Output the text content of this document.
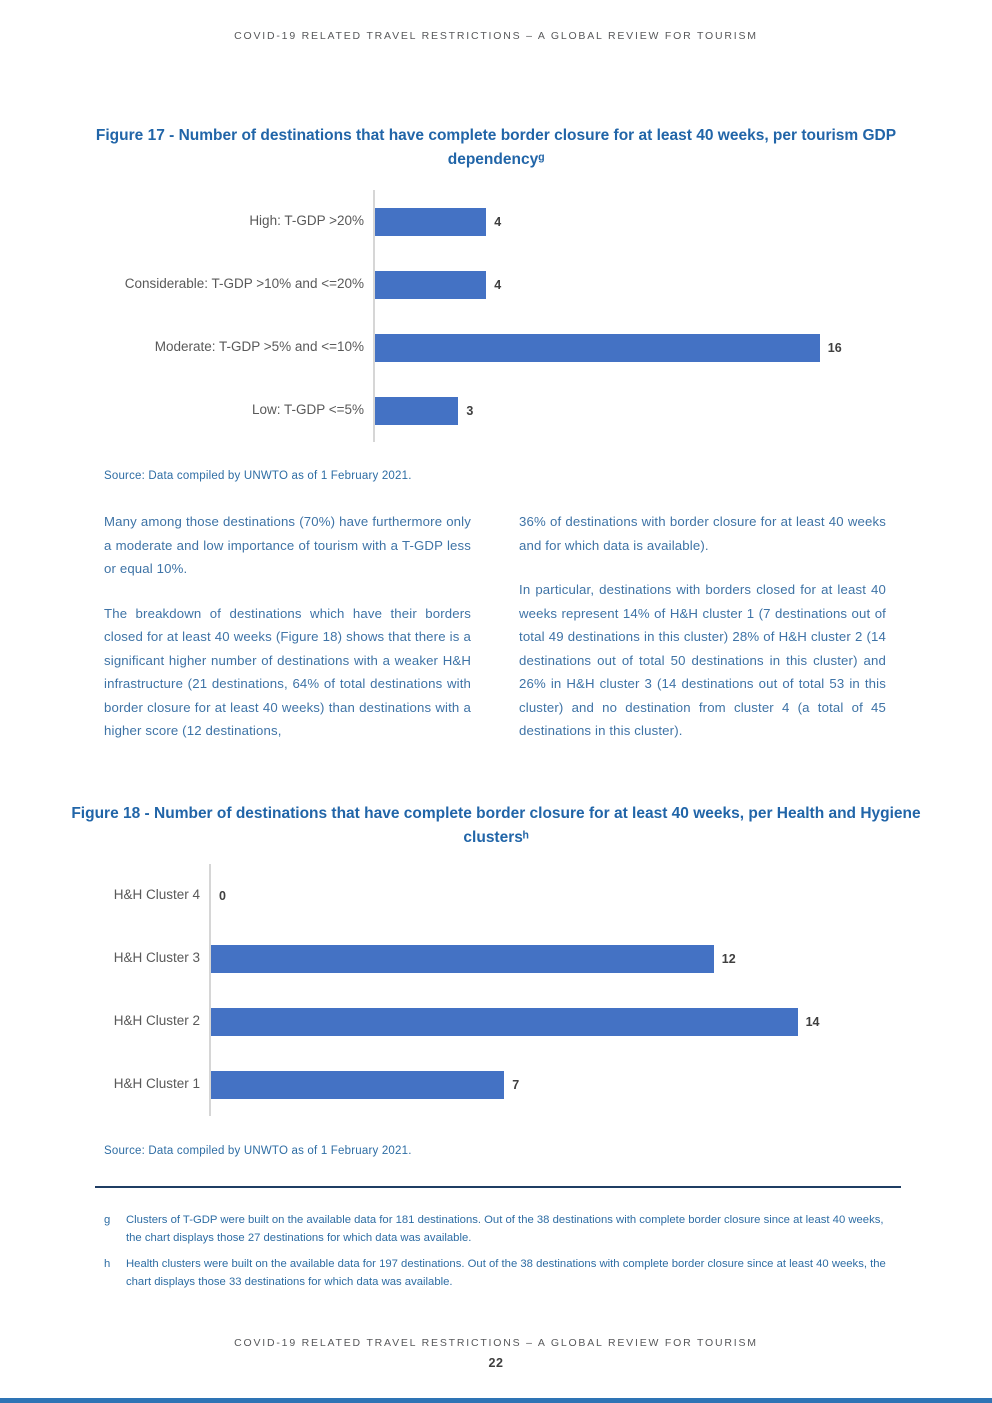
COVID-19 RELATED TRAVEL RESTRICTIONS – A GLOBAL REVIEW FOR TOURISM
Figure 17 - Number of destinations that have complete border closure for at least 40 weeks, per tourism GDP dependencyᵍ
High: T-GDP >20%	4
Considerable: T-GDP >10% and <=20%	4
Moderate: T-GDP >5% and <=10%	16
Low: T-GDP <=5%	3
Source: Data compiled by UNWTO as of 1 February 2021.

Many among those destinations (70%) have furthermore only a moderate and low importance of tourism with a T-GDP less or equal 10%.

The breakdown of destinations which have their borders closed for at least 40 weeks (Figure 18) shows that there is a significant higher number of destinations with a weaker H&H infrastructure (21 destinations, 64% of total destinations with border closure for at least 40 weeks) than destinations with a higher score (12 destinations,

36% of destinations with border closure for at least 40 weeks and for which data is available).

In particular, destinations with borders closed for at least 40 weeks represent 14% of H&H cluster 1 (7 destinations out of total 49 destinations in this cluster) 28% of H&H cluster 2 (14 destinations out of total 50 destinations in this cluster) and 26% in H&H cluster 3 (14 destinations out of total 53 in this cluster) and no destination from cluster 4 (a total of 45 destinations in this cluster).

Figure 18 - Number of destinations that have complete border closure for at least 40 weeks, per Health and Hygiene clustersʰ
H&H Cluster 4	0
H&H Cluster 3	12
H&H Cluster 2	14
H&H Cluster 1	7
Source: Data compiled by UNWTO as of 1 February 2021.
g	Clusters of T-GDP were built on the available data for 181 destinations. Out of the 38 destinations with complete border closure since at least 40 weeks, the chart displays those 27 destinations for which data was available.
h	Health clusters were built on the available data for 197 destinations. Out of the 38 destinations with complete border closure since at least 40 weeks, the chart displays those 33 destinations for which data was available.
COVID-19 RELATED TRAVEL RESTRICTIONS – A GLOBAL REVIEW FOR TOURISM
22
